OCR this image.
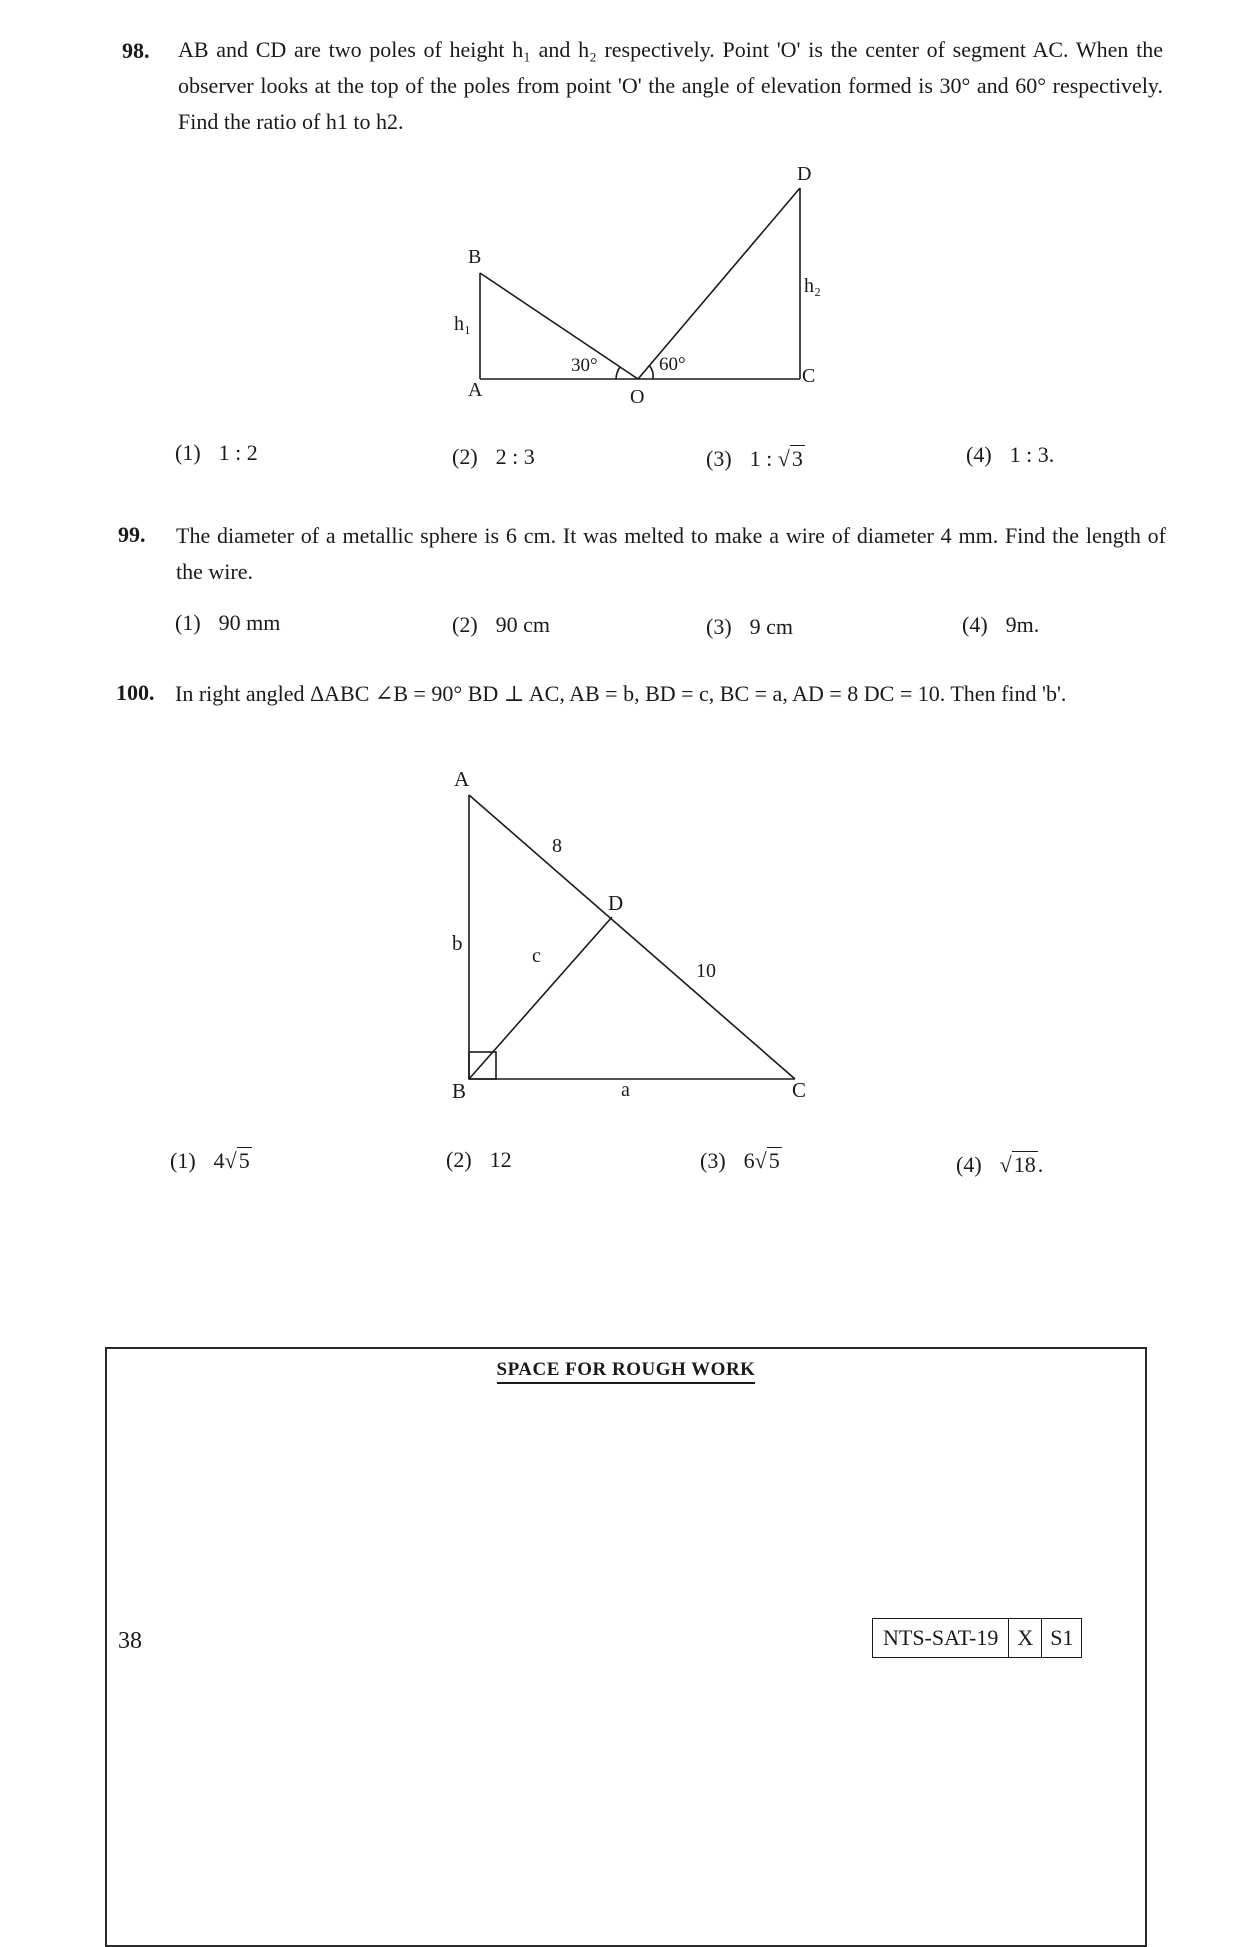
98. AB and CD are two poles of height h₁ and h₂ respectively. Point 'O' is the center of segment AC. When the observer looks at the top of the poles from point 'O' the angle of elevation formed is 30° and 60° respectively. Find the ratio of h1 to h2.
B
h₁
A	O
C
D
h₂
30°	60°
(1) 1 : 2	(2) 2 : 3	(3) 1 : √3	(4) 1 : 3.
99. The diameter of a metallic sphere is 6 cm. It was melted to make a wire of diameter 4 mm. Find the length of the wire.
(1) 90 mm	(2) 90 cm	(3) 9 cm	(4) 9m.
100. In right angled ΔABC ∠B = 90° BD ⊥ AC, AB = b, BD = c, BC = a, AD = 8 DC = 10. Then find 'b'.
A
B	C
D
b
c
a
8
10
(1) 4√5	(2) 12	(3) 6√5	(4) √18.
SPACE FOR ROUGH WORK
38	NTS-SAT-19 X S1
